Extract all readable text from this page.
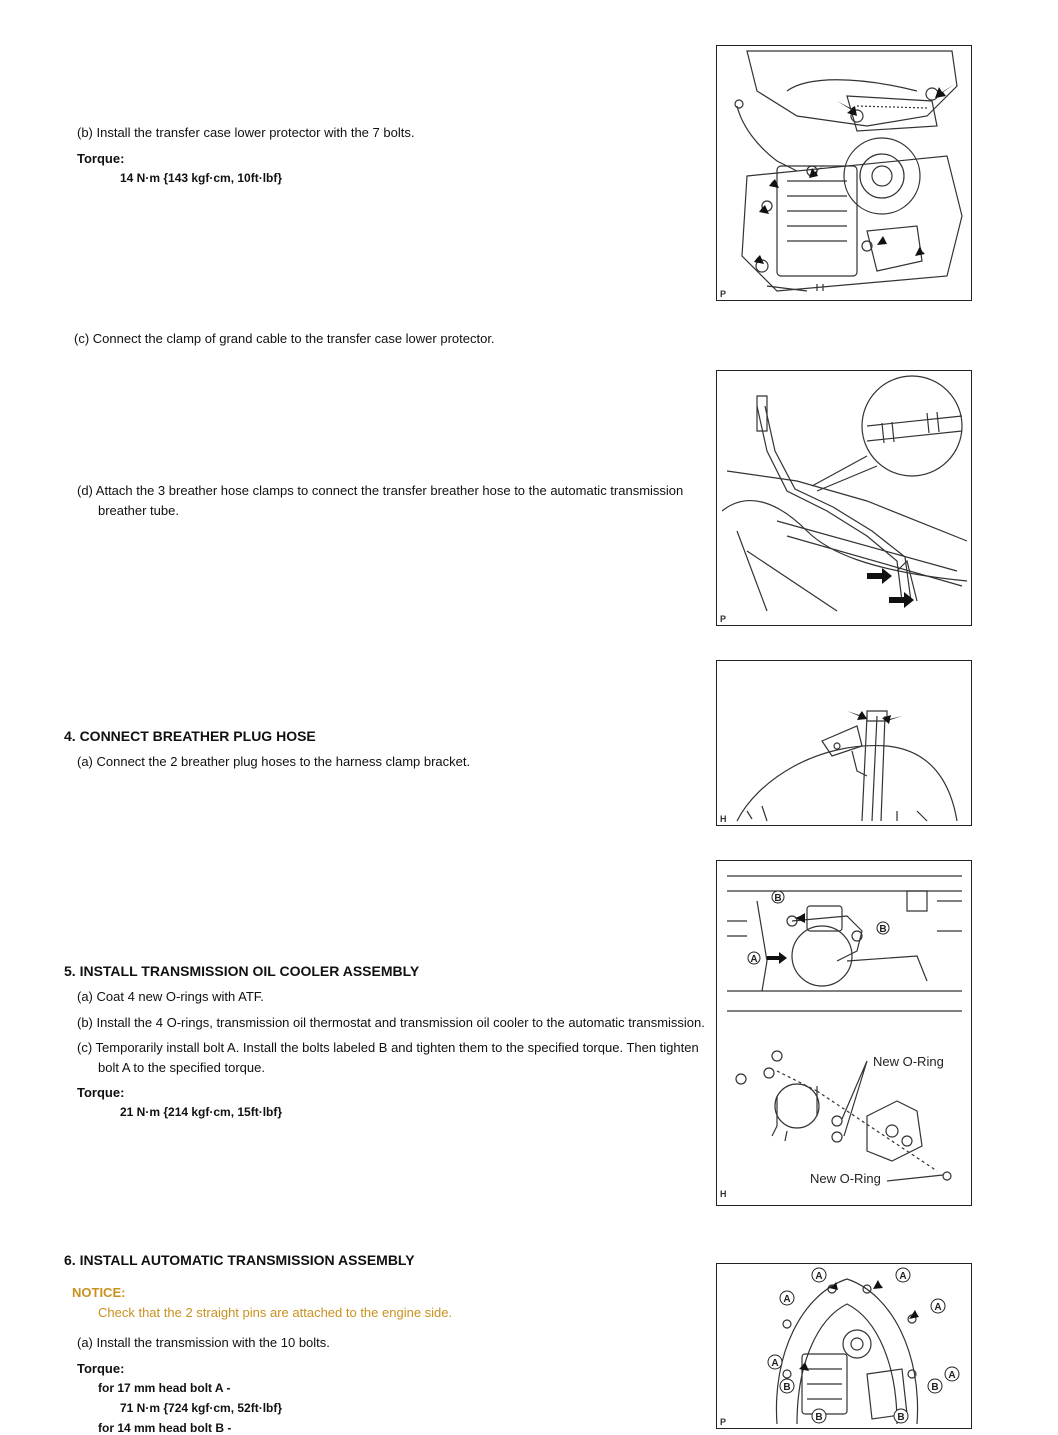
(b) Install the transfer case lower protector with the 7 bolts.
Torque:
14 N·m {143 kgf·cm, 10ft·lbf}
(c) Connect the clamp of grand cable to the transfer case lower protector.
(d) Attach the 3 breather hose clamps to connect the transfer breather hose to the automatic transmission
breather tube.
4. CONNECT BREATHER PLUG HOSE
(a) Connect the 2 breather plug hoses to the harness clamp bracket.
5. INSTALL TRANSMISSION OIL COOLER ASSEMBLY
(a) Coat 4 new O-rings with ATF.
(b) Install the 4 O-rings, transmission oil thermostat and transmission oil cooler to the automatic transmission.
(c) Temporarily install bolt A. Install the bolts labeled B and tighten them to the specified torque. Then tighten
bolt A to the specified torque.
Torque:
21 N·m {214 kgf·cm, 15ft·lbf}
6. INSTALL AUTOMATIC TRANSMISSION ASSEMBLY
NOTICE:
Check that the 2 straight pins are attached to the engine side.
(a) Install the transmission with the 10 bolts.
Torque:
for 17 mm head bolt A -
71 N·m {724 kgf·cm, 52ft·lbf}
for 14 mm head bolt B -
P
P
H
B
B
A
New O-Ring
New O-Ring
H
A	A
A
A
A
A
B	B
B	B
P
